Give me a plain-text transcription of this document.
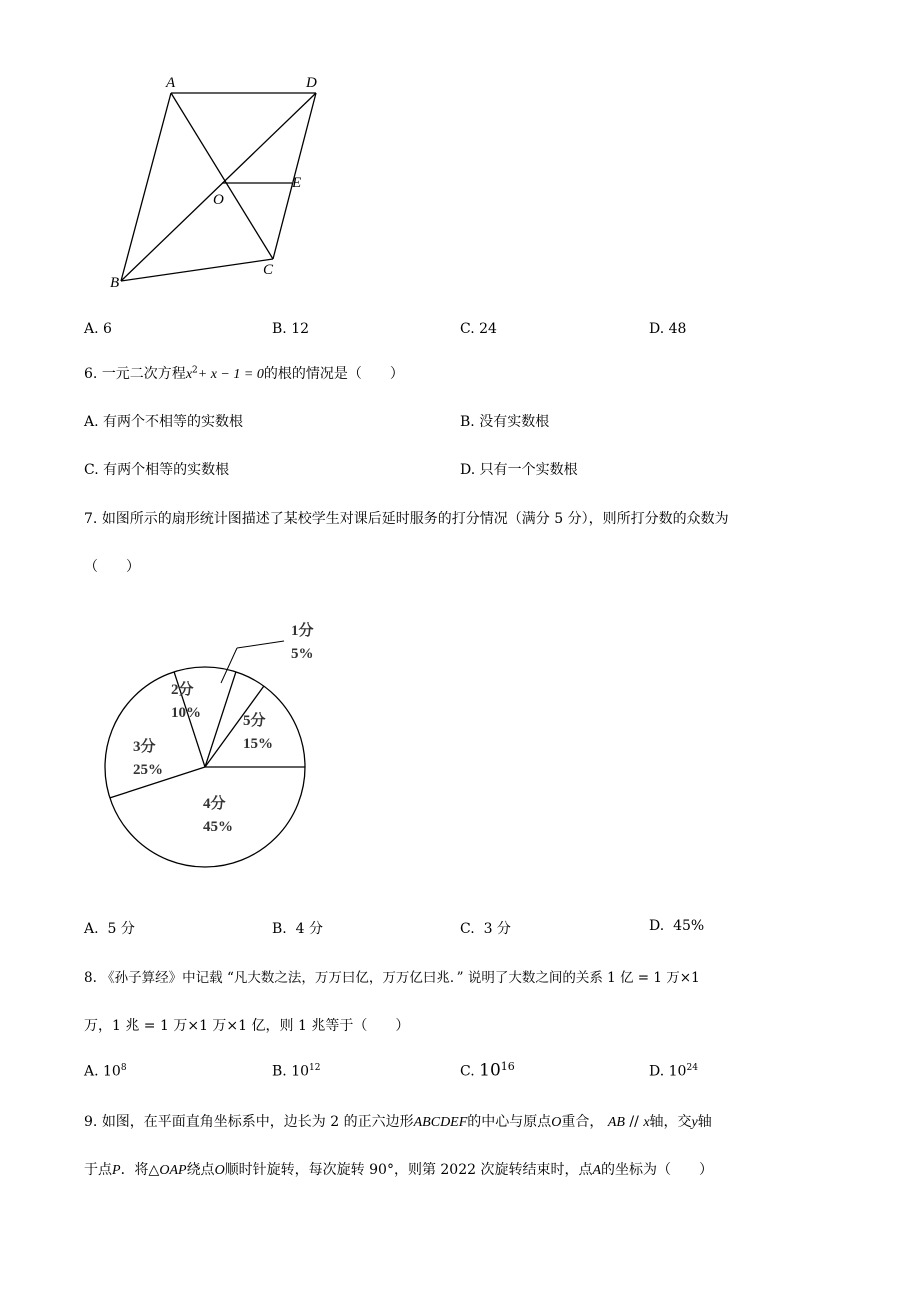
A	D
E
O
C
B
A. 6	B. 12	C. 24	D. 48
6. 一元二次方程$x^2+ x - 1 = 0$的根的情况是（　　）
A. 有两个不相等的实数根	B. 没有实数根
C. 有两个相等的实数根	D. 只有一个实数根
7. 如图所示的扇形统计图描述了某校学生对课后延时服务的打分情况（满分 5 分），则所打分数的众数为
（　　）
1分
5%
2分
10%	5分
15%
3分
25%
4分
45%
A. 5 分	B. 4 分	C. 3 分	D. 45%
8. 《孙子算经》中记载 “凡大数之法，万万曰亿，万万亿曰兆．” 说明了大数之间的关系 1 亿 = 1 万×1
万，1 兆 = 1 万×1 万×1 亿，则 1 兆等于（　　）
A. $10^8$	B. $10^{12}$	C. $10^{16}$	D. $10^{24}$
9. 如图，在平面直角坐标系中，边长为 2 的正六边形ABCDEF的中心与原点O重合， AB // x轴，交y轴
于点P．将△OAP绕点O顺时针旋转，每次旋转 90°，则第 2022 次旋转结束时，点A的坐标为（　　）
